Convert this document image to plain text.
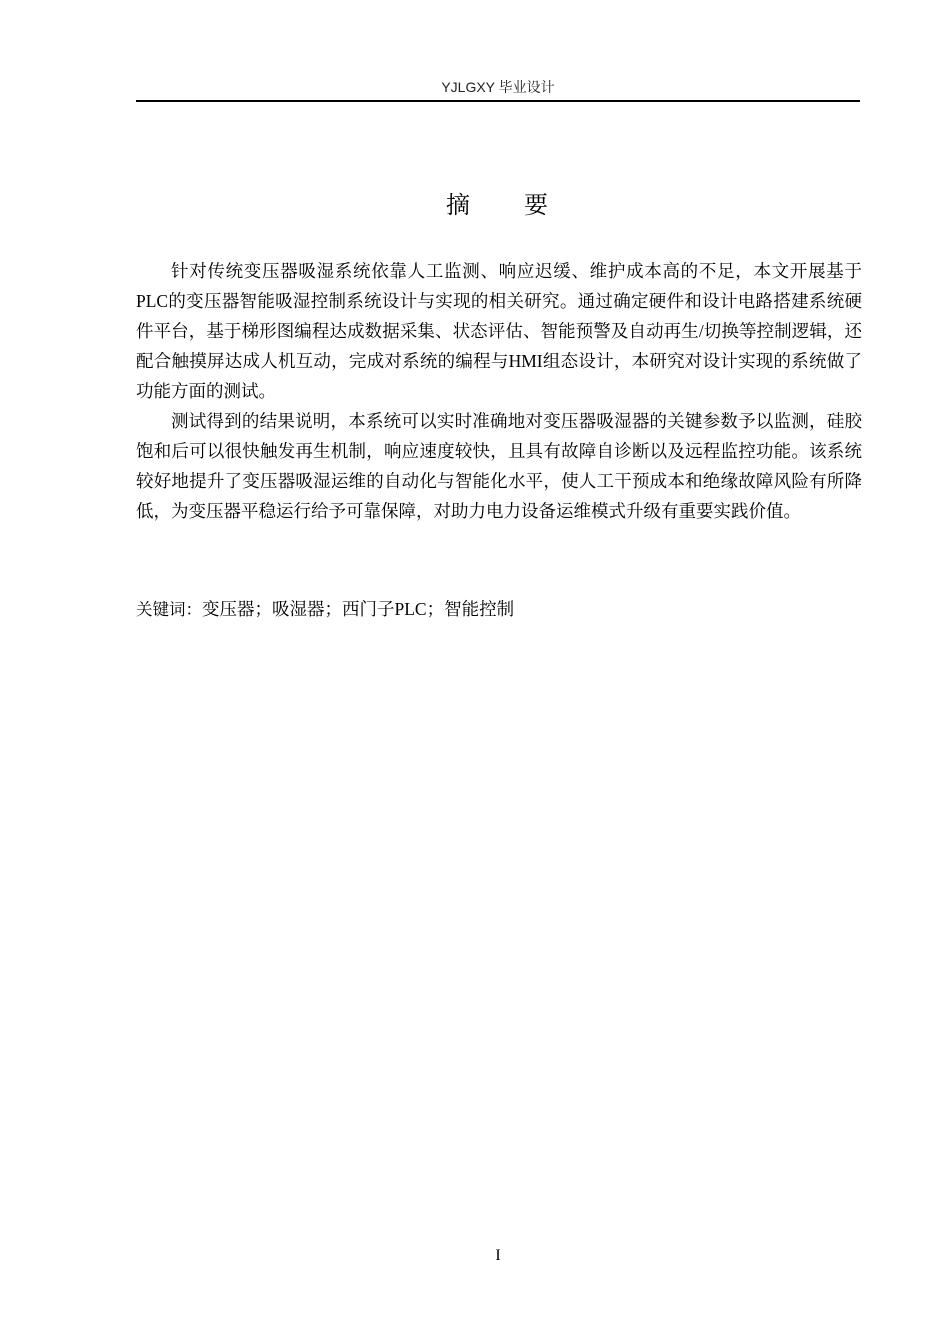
YJLGXY 毕业设计
摘　　要

针对传统变压器吸湿系统依靠人工监测、响应迟缓、维护成本高的不足，本文开展基于PLC的变压器智能吸湿控制系统设计与实现的相关研究。通过确定硬件和设计电路搭建系统硬件平台，基于梯形图编程达成数据采集、状态评估、智能预警及自动再生/切换等控制逻辑，还配合触摸屏达成人机互动，完成对系统的编程与HMI组态设计，本研究对设计实现的系统做了功能方面的测试。

测试得到的结果说明，本系统可以实时准确地对变压器吸湿器的关键参数予以监测，硅胶饱和后可以很快触发再生机制，响应速度较快，且具有故障自诊断以及远程监控功能。该系统较好地提升了变压器吸湿运维的自动化与智能化水平，使人工干预成本和绝缘故障风险有所降低，为变压器平稳运行给予可靠保障，对助力电力设备运维模式升级有重要实践价值。

关键词：变压器；吸湿器；西门子PLC；智能控制
I
